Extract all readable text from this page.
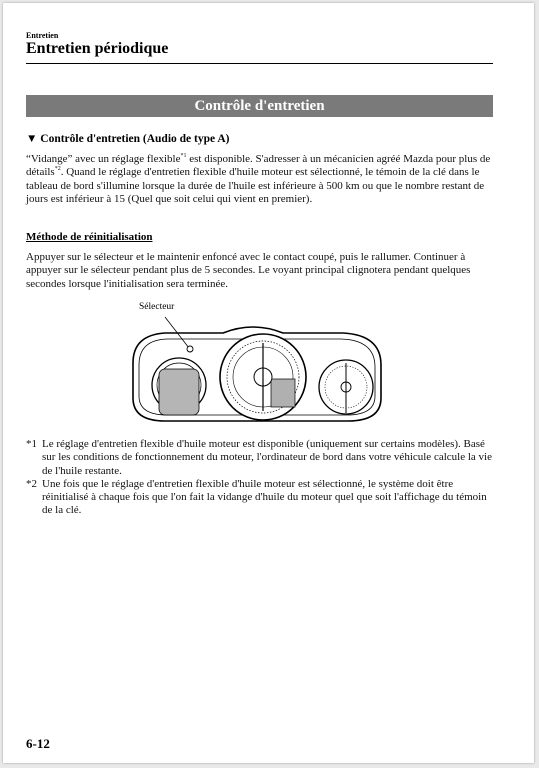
Entretien
Entretien périodique
Contrôle d'entretien
▼ Contrôle d'entretien (Audio de type A)
“Vidange” avec un réglage flexible$^{*1}$ est disponible. S'adresser à un mécanicien agréé Mazda pour plus de détails$^{*2}$. Quand le réglage d'entretien flexible d'huile moteur est sélectionné, le témoin de la clé dans le tableau de bord s'illumine lorsque la durée de l'huile est inférieure à 500 km ou que le nombre restant de jours est inférieur à 15 (Quel que soit celui qui vient en premier).
Méthode de réinitialisation
Appuyer sur le sélecteur et le maintenir enfoncé avec le contact coupé, puis le rallumer. Continuer à appuyer sur le sélecteur pendant plus de 5 secondes. Le voyant principal clignotera pendant quelques secondes lorsque l'initialisation sera terminée.
Sélecteur
*1 Le réglage d'entretien flexible d'huile moteur est disponible (uniquement sur certains modèles). Basé sur les conditions de fonctionnement du moteur, l'ordinateur de bord dans votre véhicule calcule la vie de l'huile restante.
*2 Une fois que le réglage d'entretien flexible d'huile moteur est sélectionné, le système doit être réinitialisé à chaque fois que l'on fait la vidange d'huile du moteur quel que soit l'affichage du témoin de la clé.
6-12
